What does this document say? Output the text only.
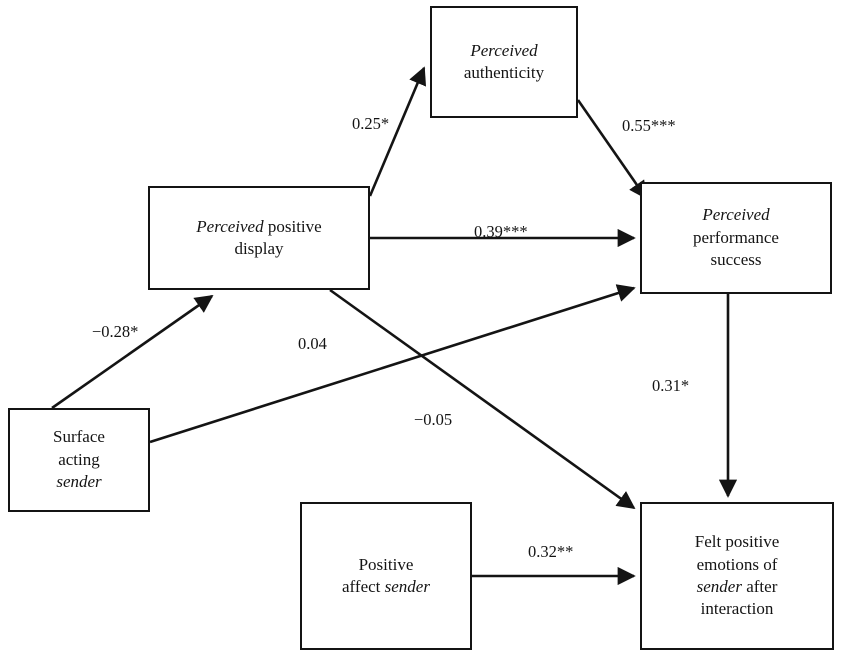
Perceived
authenticity
Perceived positive
display
Perceived
performance
success
Surface
acting
sender
Positive
affect sender
Felt positive
emotions of
sender after
interaction
0.25*	0.55***
0.39***
−0.28*
0.04
−0.05
0.31*
0.32**
